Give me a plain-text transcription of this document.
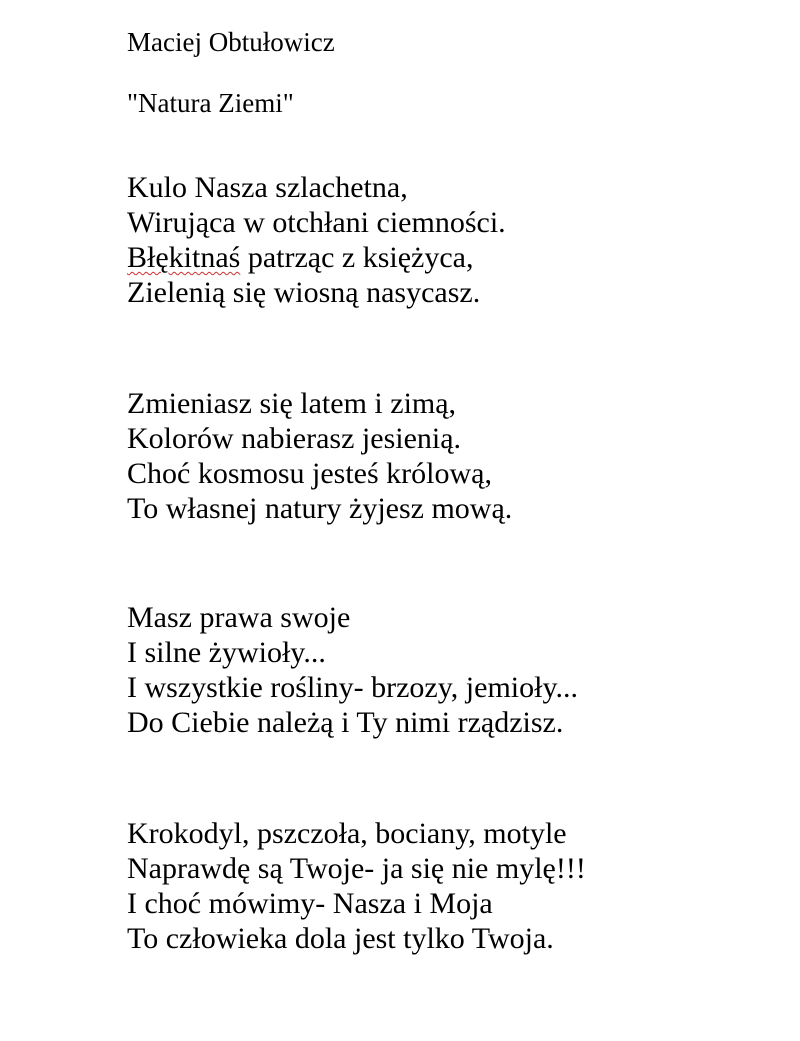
Maciej Obtułowicz
"Natura Ziemi"
Kulo Nasza szlachetna,
Wirująca w otchłani ciemności.
Błękitnaś patrząc z księżyca,
Zielenią się wiosną nasycasz.
Zmieniasz się latem i zimą,
Kolorów nabierasz jesienią.
Choć kosmosu jesteś królową,
To własnej natury żyjesz mową.
Masz prawa swoje
I silne żywioły...
I wszystkie rośliny- brzozy, jemioły...
Do Ciebie należą i Ty nimi rządzisz.
Krokodyl, pszczoła, bociany, motyle
Naprawdę są Twoje- ja się nie mylę!!!
I choć mówimy- Nasza i Moja
To człowieka dola jest tylko Twoja.
